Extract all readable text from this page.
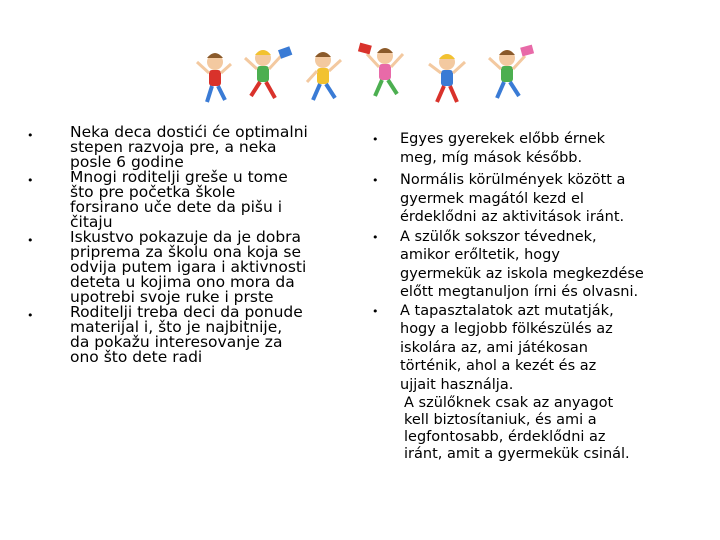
• Neka deca dostići će optimalni
stepen razvoja pre, a neka
posle 6 godine
• Mnogi roditelji greše u tome
što pre početka škole
forsirano uče dete da pišu i
čitaju
• Iskustvo pokazuje da je dobra
priprema za školu ona koja se
odvija putem igara i aktivnosti
deteta u kojima ono mora da
upotrebi svoje ruke i prste
• Roditelji treba deci da ponude
materijal i, što je najbitnije,
da pokažu interesovanje za
ono što dete radi
• Egyes gyerekek előbb érnek
meg, míg mások később.
• Normális körülmények között a
gyermek magától kezd el
érdeklődni az aktivitások iránt.
• A szülők sokszor tévednek,
amikor erőltetik, hogy
gyermekük az iskola megkezdése
előtt megtanuljon írni és olvasni.
• A tapasztalatok azt mutatják,
hogy a legjobb fölkészülés az
iskolára az, ami játékosan
történik, ahol a kezét és az
ujjait használja.
A szülőknek csak az anyagot
kell biztosítaniuk, és ami a
legfontosabb, érdeklődni az
iránt, amit a gyermekük csinál.
